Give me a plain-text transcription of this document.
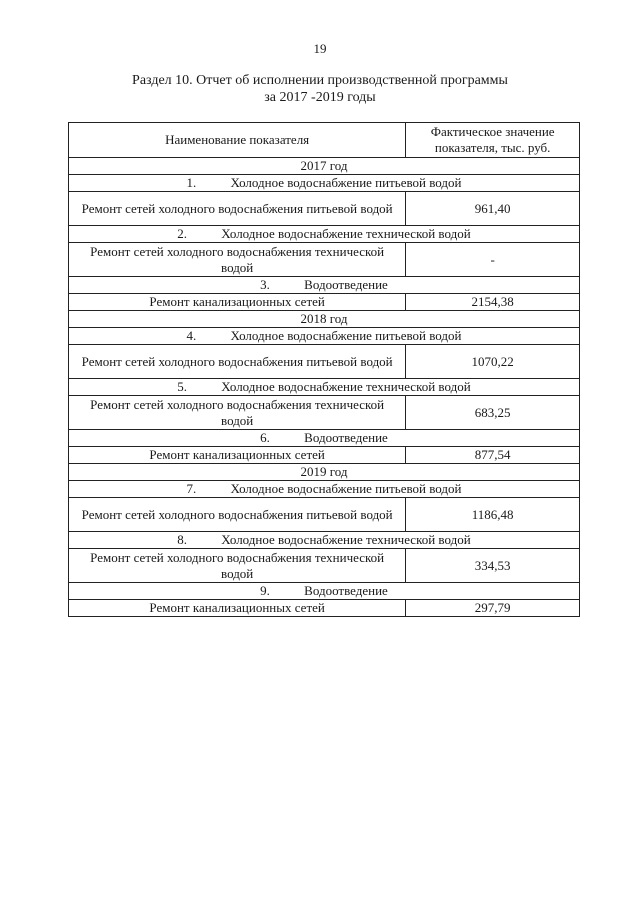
19
Раздел 10. Отчет об исполнении производственной программы
за 2017 -2019 годы
Наименование показателя	Фактическое значение показателя, тыс. руб.
2017 год	
1. Холодное водоснабжение питьевой водой	
Ремонт сетей холодного водоснабжения питьевой водой	961,40
2. Холодное водоснабжение технической водой	
Ремонт сетей холодного водоснабжения технической водой	-
3. Водоотведение	
Ремонт канализационных сетей	2154,38
2018 год	
4. Холодное водоснабжение питьевой водой	
Ремонт сетей холодного водоснабжения питьевой водой	1070,22
5. Холодное водоснабжение технической водой	
Ремонт сетей холодного водоснабжения технической водой	683,25
6. Водоотведение	
Ремонт канализационных сетей	877,54
2019 год	
7. Холодное водоснабжение питьевой водой	
Ремонт сетей холодного водоснабжения питьевой водой	1186,48
8. Холодное водоснабжение технической водой	
Ремонт сетей холодного водоснабжения технической водой	334,53
9. Водоотведение	
Ремонт канализационных сетей	297,79
